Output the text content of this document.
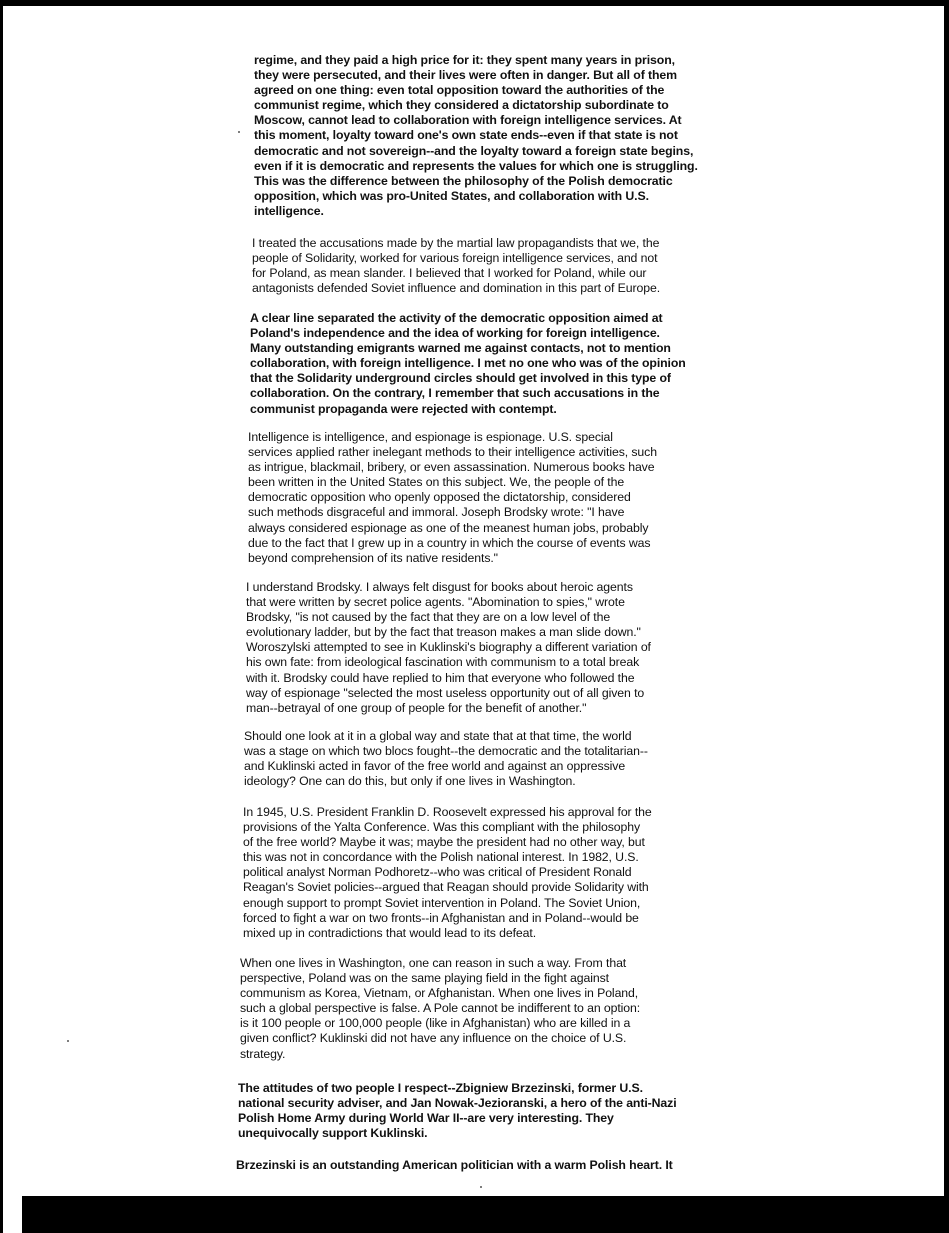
regime, and they paid a high price for it: they spent many years in prison,
they were persecuted, and their lives were often in danger. But all of them
agreed on one thing: even total opposition toward the authorities of the
communist regime, which they considered a dictatorship subordinate to
Moscow, cannot lead to collaboration with foreign intelligence services. At
this moment, loyalty toward one's own state ends--even if that state is not
democratic and not sovereign--and the loyalty toward a foreign state begins,
even if it is democratic and represents the values for which one is struggling.
This was the difference between the philosophy of the Polish democratic
opposition, which was pro-United States, and collaboration with U.S.
intelligence.

I treated the accusations made by the martial law propagandists that we, the
people of Solidarity, worked for various foreign intelligence services, and not
for Poland, as mean slander. I believed that I worked for Poland, while our
antagonists defended Soviet influence and domination in this part of Europe.

A clear line separated the activity of the democratic opposition aimed at
Poland's independence and the idea of working for foreign intelligence.
Many outstanding emigrants warned me against contacts, not to mention
collaboration, with foreign intelligence. I met no one who was of the opinion
that the Solidarity underground circles should get involved in this type of
collaboration. On the contrary, I remember that such accusations in the
communist propaganda were rejected with contempt.

Intelligence is intelligence, and espionage is espionage. U.S. special
services applied rather inelegant methods to their intelligence activities, such
as intrigue, blackmail, bribery, or even assassination. Numerous books have
been written in the United States on this subject. We, the people of the
democratic opposition who openly opposed the dictatorship, considered
such methods disgraceful and immoral. Joseph Brodsky wrote: "I have
always considered espionage as one of the meanest human jobs, probably
due to the fact that I grew up in a country in which the course of events was
beyond comprehension of its native residents."

I understand Brodsky. I always felt disgust for books about heroic agents
that were written by secret police agents. "Abomination to spies," wrote
Brodsky, "is not caused by the fact that they are on a low level of the
evolutionary ladder, but by the fact that treason makes a man slide down."
Woroszylski attempted to see in Kuklinski's biography a different variation of
his own fate: from ideological fascination with communism to a total break
with it. Brodsky could have replied to him that everyone who followed the
way of espionage "selected the most useless opportunity out of all given to
man--betrayal of one group of people for the benefit of another."

Should one look at it in a global way and state that at that time, the world
was a stage on which two blocs fought--the democratic and the totalitarian--
and Kuklinski acted in favor of the free world and against an oppressive
ideology? One can do this, but only if one lives in Washington.

In 1945, U.S. President Franklin D. Roosevelt expressed his approval for the
provisions of the Yalta Conference. Was this compliant with the philosophy
of the free world? Maybe it was; maybe the president had no other way, but
this was not in concordance with the Polish national interest. In 1982, U.S.
political analyst Norman Podhoretz--who was critical of President Ronald
Reagan's Soviet policies--argued that Reagan should provide Solidarity with
enough support to prompt Soviet intervention in Poland. The Soviet Union,
forced to fight a war on two fronts--in Afghanistan and in Poland--would be
mixed up in contradictions that would lead to its defeat.

When one lives in Washington, one can reason in such a way. From that
perspective, Poland was on the same playing field in the fight against
communism as Korea, Vietnam, or Afghanistan. When one lives in Poland,
such a global perspective is false. A Pole cannot be indifferent to an option:
is it 100 people or 100,000 people (like in Afghanistan) who are killed in a
given conflict? Kuklinski did not have any influence on the choice of U.S.
strategy.

The attitudes of two people I respect--Zbigniew Brzezinski, former U.S.
national security adviser, and Jan Nowak-Jezioranski, a hero of the anti-Nazi
Polish Home Army during World War II--are very interesting. They
unequivocally support Kuklinski.

Brzezinski is an outstanding American politician with a warm Polish heart. It
